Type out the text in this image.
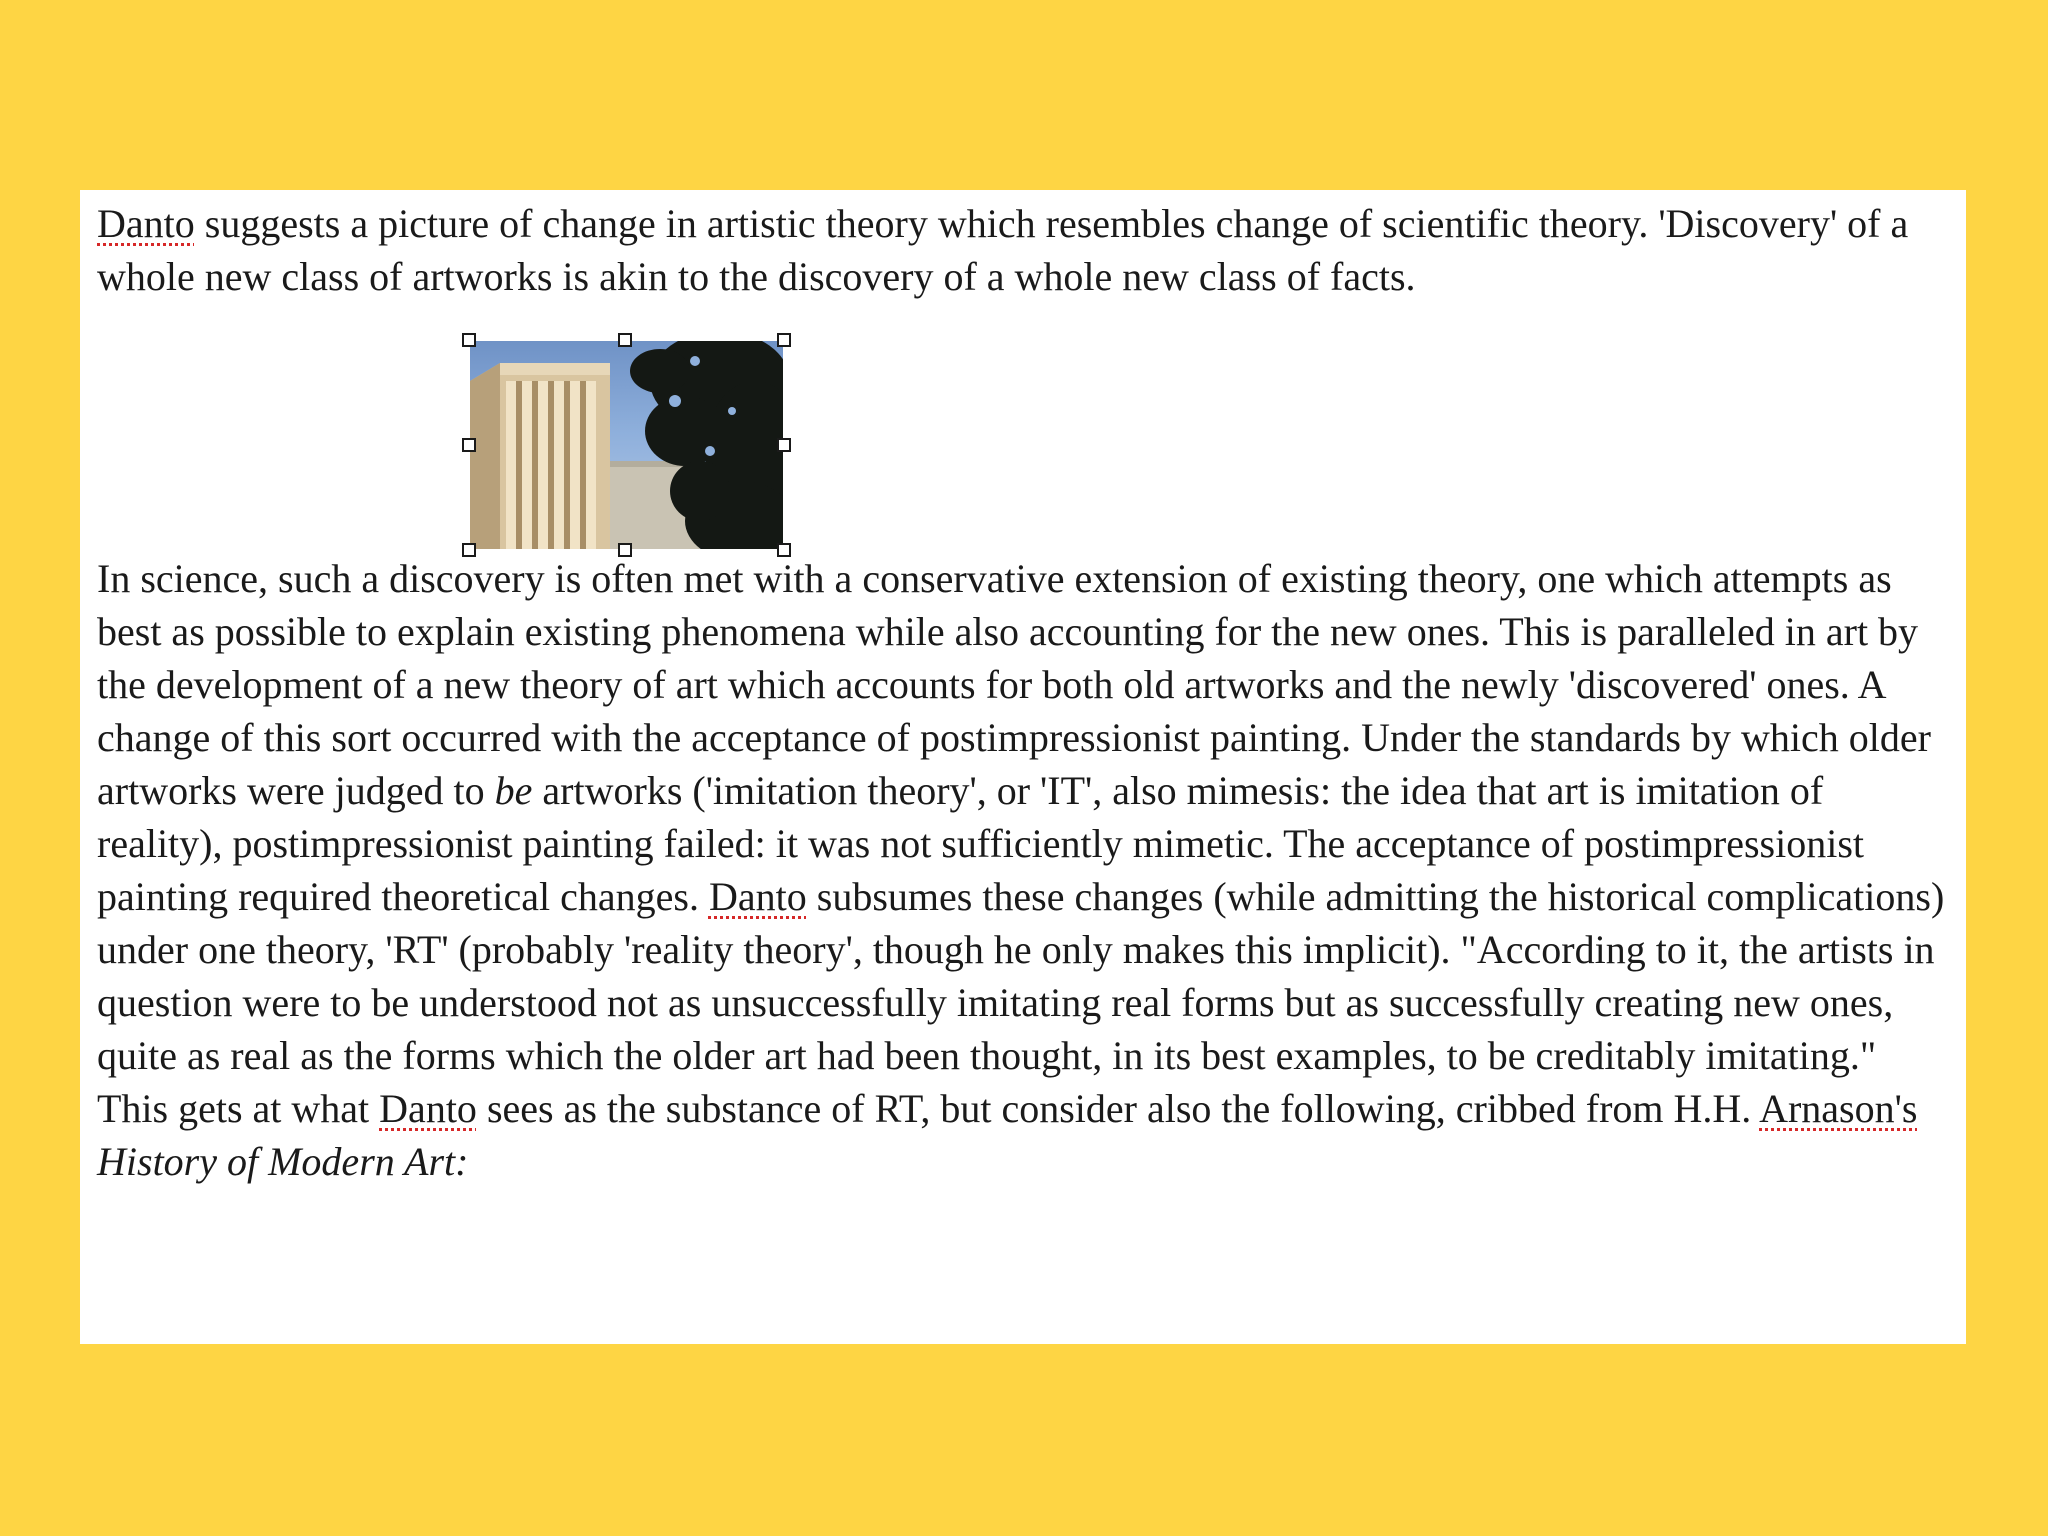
Danto suggests a picture of change in artistic theory which resembles change of scientific theory. 'Discovery' of a whole new class of artworks is akin to the discovery of a whole new class of facts.

In science, such a discovery is often met with a conservative extension of existing theory, one which attempts as best as possible to explain existing phenomena while also accounting for the new ones. This is paralleled in art by the development of a new theory of art which accounts for both old artworks and the newly 'discovered' ones. A change of this sort occurred with the acceptance of postimpressionist painting. Under the standards by which older artworks were judged to be artworks ('imitation theory', or 'IT', also mimesis: the idea that art is imitation of reality), postimpressionist painting failed: it was not sufficiently mimetic. The acceptance of postimpressionist painting required theoretical changes. Danto subsumes these changes (while admitting the historical complications) under one theory, 'RT' (probably 'reality theory', though he only makes this implicit). "According to it, the artists in question were to be understood not as unsuccessfully imitating real forms but as successfully creating new ones, quite as real as the forms which the older art had been thought, in its best examples, to be creditably imitating." This gets at what Danto sees as the substance of RT, but consider also the following, cribbed from H.H. Arnason's History of Modern Art:
